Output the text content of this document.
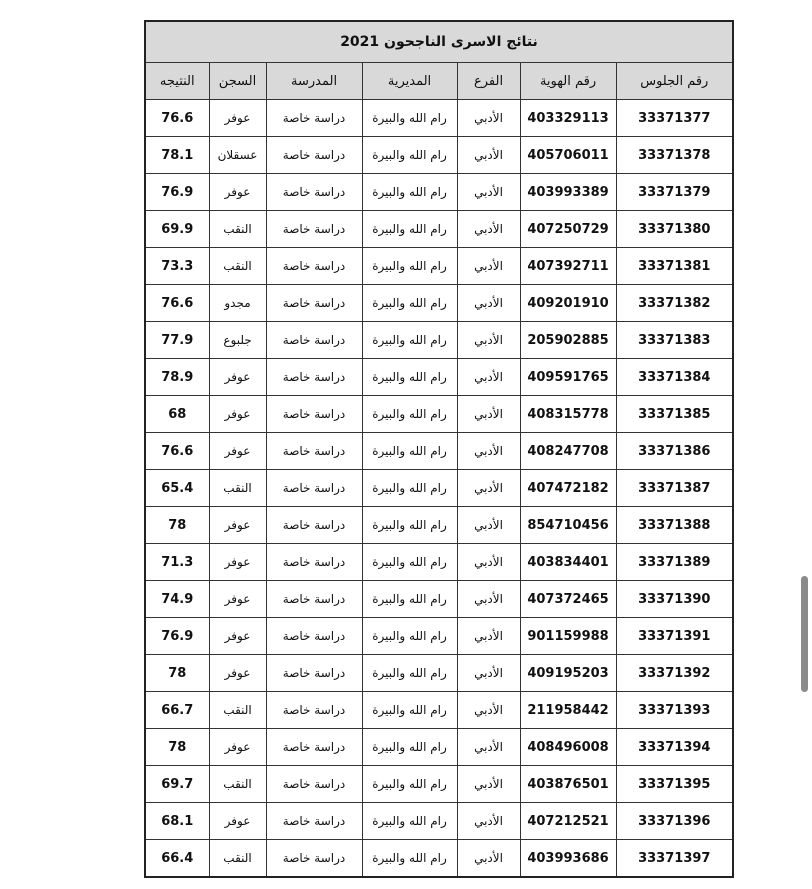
نتائج الاسرى الناجحون 2021						
رقم الجلوس	رقم الهوية	الفرع	المديرية	المدرسة	السجن	النتيجه
33371377	403329113	الأدبي	رام الله والبيرة	دراسة خاصة	عوفر	76.6
33371378	405706011	الأدبي	رام الله والبيرة	دراسة خاصة	عسقلان	78.1
33371379	403993389	الأدبي	رام الله والبيرة	دراسة خاصة	عوفر	76.9
33371380	407250729	الأدبي	رام الله والبيرة	دراسة خاصة	النقب	69.9
33371381	407392711	الأدبي	رام الله والبيرة	دراسة خاصة	النقب	73.3
33371382	409201910	الأدبي	رام الله والبيرة	دراسة خاصة	مجدو	76.6
33371383	205902885	الأدبي	رام الله والبيرة	دراسة خاصة	جلبوع	77.9
33371384	409591765	الأدبي	رام الله والبيرة	دراسة خاصة	عوفر	78.9
33371385	408315778	الأدبي	رام الله والبيرة	دراسة خاصة	عوفر	68
33371386	408247708	الأدبي	رام الله والبيرة	دراسة خاصة	عوفر	76.6
33371387	407472182	الأدبي	رام الله والبيرة	دراسة خاصة	النقب	65.4
33371388	854710456	الأدبي	رام الله والبيرة	دراسة خاصة	عوفر	78
33371389	403834401	الأدبي	رام الله والبيرة	دراسة خاصة	عوفر	71.3
33371390	407372465	الأدبي	رام الله والبيرة	دراسة خاصة	عوفر	74.9
33371391	901159988	الأدبي	رام الله والبيرة	دراسة خاصة	عوفر	76.9
33371392	409195203	الأدبي	رام الله والبيرة	دراسة خاصة	عوفر	78
33371393	211958442	الأدبي	رام الله والبيرة	دراسة خاصة	النقب	66.7
33371394	408496008	الأدبي	رام الله والبيرة	دراسة خاصة	عوفر	78
33371395	403876501	الأدبي	رام الله والبيرة	دراسة خاصة	النقب	69.7
33371396	407212521	الأدبي	رام الله والبيرة	دراسة خاصة	عوفر	68.1
33371397	403993686	الأدبي	رام الله والبيرة	دراسة خاصة	النقب	66.4
